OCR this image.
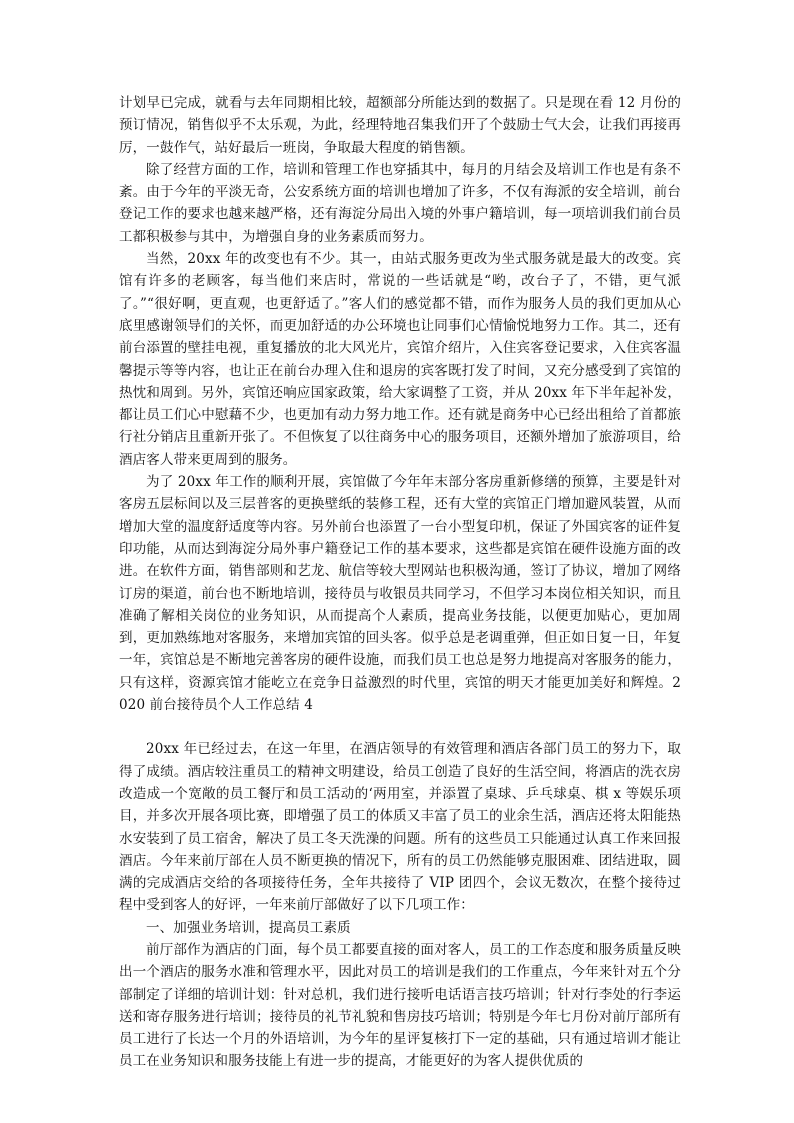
计划早已完成，就看与去年同期相比较，超额部分所能达到的数据了。只是现在看 12 月份的预订情况，销售似乎不太乐观，为此，经理特地召集我们开了个鼓励士气大会，让我们再接再厉，一鼓作气，站好最后一班岗，争取最大程度的销售额。

除了经营方面的工作，培训和管理工作也穿插其中，每月的月结会及培训工作也是有条不紊。由于今年的平淡无奇，公安系统方面的培训也增加了许多，不仅有海派的安全培训，前台登记工作的要求也越来越严格，还有海淀分局出入境的外事户籍培训，每一项培训我们前台员工都积极参与其中，为增强自身的业务素质而努力。

当然，20xx 年的改变也有不少。其一，由站式服务更改为坐式服务就是最大的改变。宾馆有许多的老顾客，每当他们来店时，常说的一些话就是“哟，改台子了，不错，更气派了。”“很好啊，更直观，也更舒适了。”客人们的感觉都不错，而作为服务人员的我们更加从心底里感谢领导们的关怀，而更加舒适的办公环境也让同事们心情愉悦地努力工作。其二，还有前台添置的壁挂电视，重复播放的北大风光片，宾馆介绍片，入住宾客登记要求，入住宾客温馨提示等等内容，也让正在前台办理入住和退房的宾客既打发了时间，又充分感受到了宾馆的热忱和周到。另外，宾馆还响应国家政策，给大家调整了工资，并从 20xx 年下半年起补发，都让员工们心中慰藉不少，也更加有动力努力地工作。还有就是商务中心已经出租给了首都旅行社分销店且重新开张了。不但恢复了以往商务中心的服务项目，还额外增加了旅游项目，给酒店客人带来更周到的服务。

为了 20xx 年工作的顺利开展，宾馆做了今年年末部分客房重新修缮的预算，主要是针对客房五层标间以及三层普客的更换壁纸的装修工程，还有大堂的宾馆正门增加避风装置，从而增加大堂的温度舒适度等内容。另外前台也添置了一台小型复印机，保证了外国宾客的证件复印功能，从而达到海淀分局外事户籍登记工作的基本要求，这些都是宾馆在硬件设施方面的改进。在软件方面，销售部则和艺龙、航信等较大型网站也积极沟通，签订了协议，增加了网络订房的渠道，前台也不断地培训，接待员与收银员共同学习，不但学习本岗位相关知识，而且准确了解相关岗位的业务知识，从而提高个人素质，提高业务技能，以便更加贴心，更加周到，更加熟练地对客服务，来增加宾馆的回头客。似乎总是老调重弹，但正如日复一日，年复一年，宾馆总是不断地完善客房的硬件设施，而我们员工也总是努力地提高对客服务的能力，只有这样，资源宾馆才能屹立在竞争日益激烈的时代里，宾馆的明天才能更加美好和辉煌。2020 前台接待员个人工作总结 4

20xx 年已经过去，在这一年里，在酒店领导的有效管理和酒店各部门员工的努力下，取得了成绩。酒店较注重员工的精神文明建设，给员工创造了良好的生活空间，将酒店的洗衣房改造成一个宽敞的员工餐厅和员工活动的‘两用室，并添置了桌球、乒乓球桌、棋 x 等娱乐项目，并多次开展各项比赛，即增强了员工的体质又丰富了员工的业余生活，酒店还将太阳能热水安装到了员工宿舍，解决了员工冬天洗澡的问题。所有的这些员工只能通过认真工作来回报酒店。今年来前厅部在人员不断更换的情况下，所有的员工仍然能够克服困难、团结进取，圆满的完成酒店交给的各项接待任务，全年共接待了 VIP 团四个，会议无数次，在整个接待过程中受到客人的好评，一年来前厅部做好了以下几项工作：

一、加强业务培训，提高员工素质

前厅部作为酒店的门面，每个员工都要直接的面对客人，员工的工作态度和服务质量反映出一个酒店的服务水准和管理水平，因此对员工的培训是我们的工作重点，今年来针对五个分部制定了详细的培训计划：针对总机，我们进行接听电话语言技巧培训；针对行李处的行李运送和寄存服务进行培训；接待员的礼节礼貌和售房技巧培训；特别是今年七月份对前厅部所有员工进行了长达一个月的外语培训，为今年的星评复核打下一定的基础，只有通过培训才能让员工在业务知识和服务技能上有进一步的提高，才能更好的为客人提供优质的
